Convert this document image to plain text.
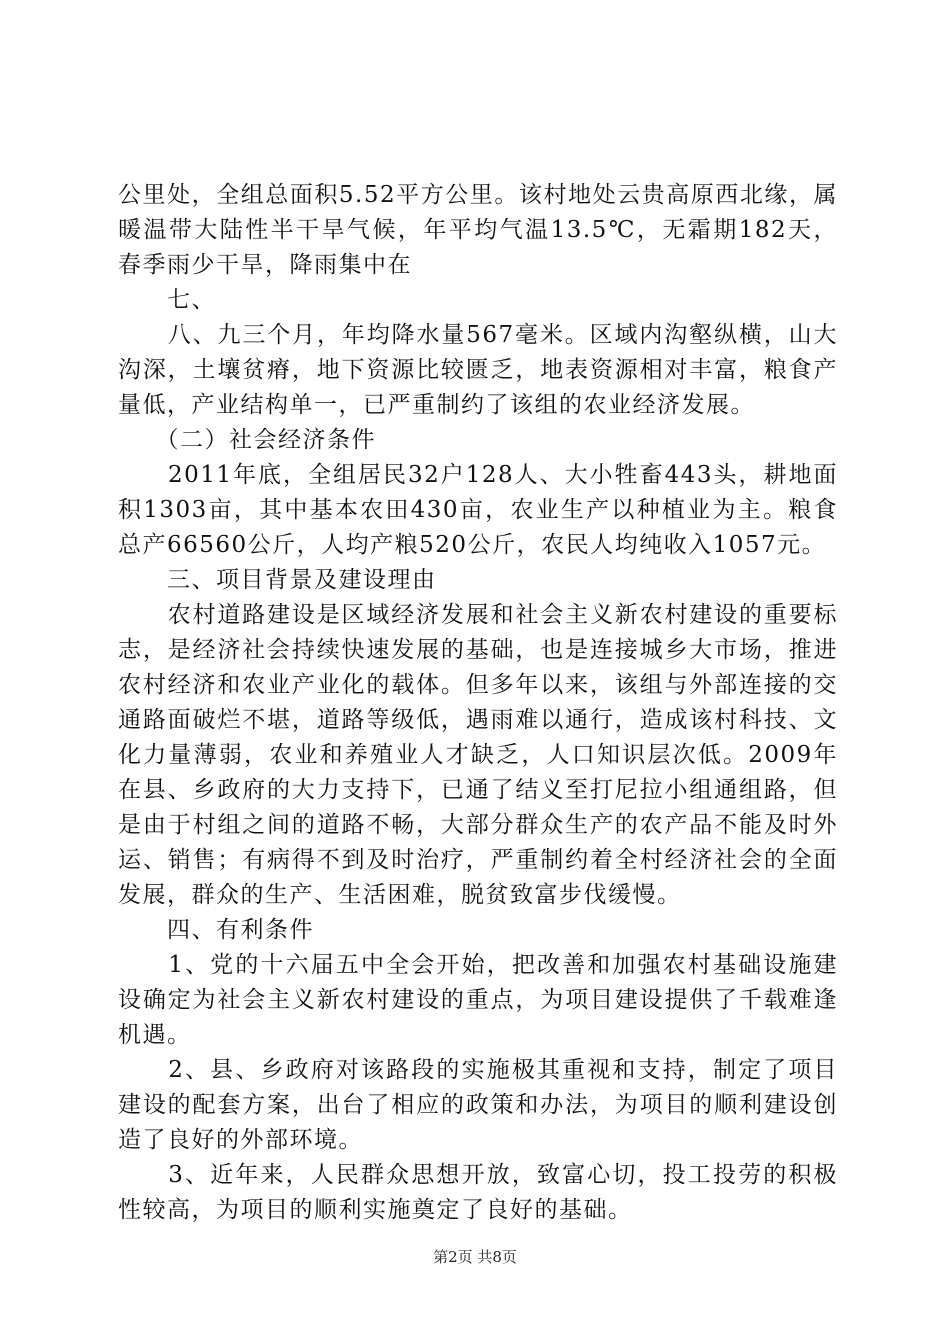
公里处，全组总面积5.52平方公里。该村地处云贵高原西北缘，属暖温带大陆性半干旱气候，年平均气温13.5℃，无霜期182天，春季雨少干旱，降雨集中在

　　七、

　　八、九三个月，年均降水量567毫米。区域内沟壑纵横，山大沟深，土壤贫瘠，地下资源比较匮乏，地表资源相对丰富，粮食产量低，产业结构单一，已严重制约了该组的农业经济发展。

　　（二）社会经济条件

　　2011年底，全组居民32户128人、大小牲畜443头，耕地面积1303亩，其中基本农田430亩，农业生产以种植业为主。粮食总产66560公斤，人均产粮520公斤，农民人均纯收入1057元。

　　三、项目背景及建设理由

　　农村道路建设是区域经济发展和社会主义新农村建设的重要标志，是经济社会持续快速发展的基础，也是连接城乡大市场，推进农村经济和农业产业化的载体。但多年以来，该组与外部连接的交通路面破烂不堪，道路等级低，遇雨难以通行，造成该村科技、文化力量薄弱，农业和养殖业人才缺乏，人口知识层次低。2009年在县、乡政府的大力支持下，已通了结义至打尼拉小组通组路，但是由于村组之间的道路不畅，大部分群众生产的农产品不能及时外运、销售；有病得不到及时治疗，严重制约着全村经济社会的全面发展，群众的生产、生活困难，脱贫致富步伐缓慢。

　　四、有利条件

　　1、党的十六届五中全会开始，把改善和加强农村基础设施建设确定为社会主义新农村建设的重点，为项目建设提供了千载难逢机遇。

　　2、县、乡政府对该路段的实施极其重视和支持，制定了项目建设的配套方案，出台了相应的政策和办法，为项目的顺利建设创造了良好的外部环境。

　　3、近年来，人民群众思想开放，致富心切，投工投劳的积极性较高，为项目的顺利实施奠定了良好的基础。

第2页 共8页
